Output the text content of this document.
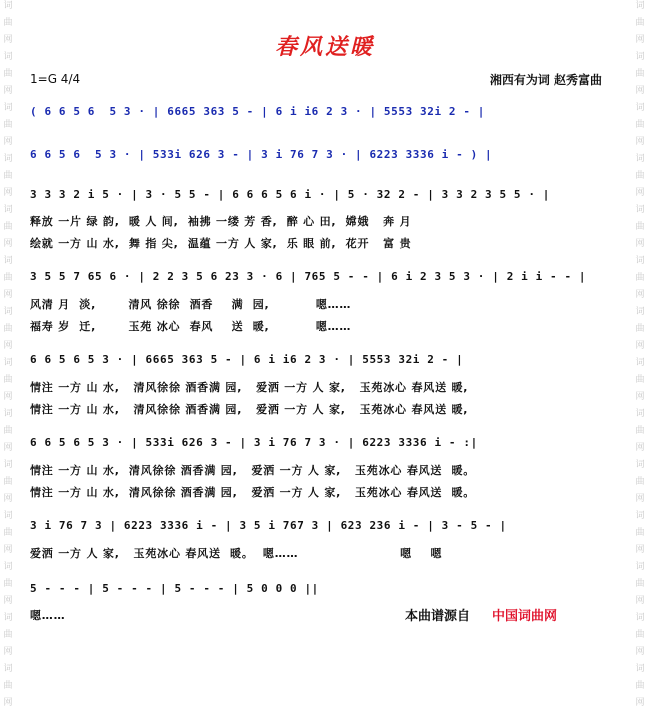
词
曲
网
词
曲
网
词
曲
网
词
曲
网
词
曲
网
词
曲
网
词
曲
网
词
曲
网
词
曲
网
词
曲
网
词
曲
网
词
曲
网
词
曲
网
词
曲
网
词
曲
网
词
曲
网
词
曲
网
词
曲
网
词
曲
网
词
曲
网
词
曲
网
词
曲
网
词
曲
网
词
曲
网
词
曲
网
词
曲
网
词
曲
网
词
曲
网
春风送暖
1=G 4/4	湘西有为词 赵秀富曲
( 6 6 5 6  5 3 · | 6665 363 5 - | 6 i i6 2 3 · | 5553 32i 2 - |
6 6 5 6  5 3 · | 533i 626 3 - | 3 i 76 7 3 · | 6223 3336 i - ) |
3 3 3 2 i 5 · | 3 · 5 5 - | 6 6 6 5 6 i · | 5 · 32 2 - | 3 3 2 3 5 5 · |
释放 一片 绿 韵,  暖 人 间,  袖拂 一缕 芳 香,  醉 心 田,  嫦娥   奔 月
绘就 一方 山 水,  舞 指 尖,  温蕴 一方 人 家,  乐 眼 前,  花开   富 贵
3 5 5 7 65 6 · | 2 2 3 5 6 23 3 · 6 | 765 5 - - | 6 i 2 3 5 3 · | 2 i i - - |
风清 月  淡,       清风 徐徐  酒香    满  园,          嗯……
福寿 岁  迁,       玉苑 冰心  春风    送  暖,          嗯……
6 6 5 6 5 3 · | 6665 363 5 - | 6 i i6 2 3 · | 5553 32i 2 - |
情注 一方 山 水,   清风徐徐 酒香满 园,   爱洒 一方 人 家,   玉苑冰心 春风送 暖,
情注 一方 山 水,   清风徐徐 酒香满 园,   爱洒 一方 人 家,   玉苑冰心 春风送 暖,
6 6 5 6 5 3 · | 533i 626 3 - | 3 i 76 7 3 · | 6223 3336 i - :|
情注 一方 山 水,  清风徐徐 酒香满 园,   爱洒 一方 人 家,   玉苑冰心 春风送  暖。
情注 一方 山 水,  清风徐徐 酒香满 园,   爱洒 一方 人 家,   玉苑冰心 春风送  暖。
3 i 76 7 3 | 6223 3336 i - | 3 5 i 767 3 | 623 236 i - | 3 - 5 - |
爱洒 一方 人 家,   玉苑冰心 春风送  暖。  嗯……                      嗯    嗯
5 - - - | 5 - - - | 5 - - - | 5 0 0 0 ||
嗯……	本曲谱源自 中国词曲网
